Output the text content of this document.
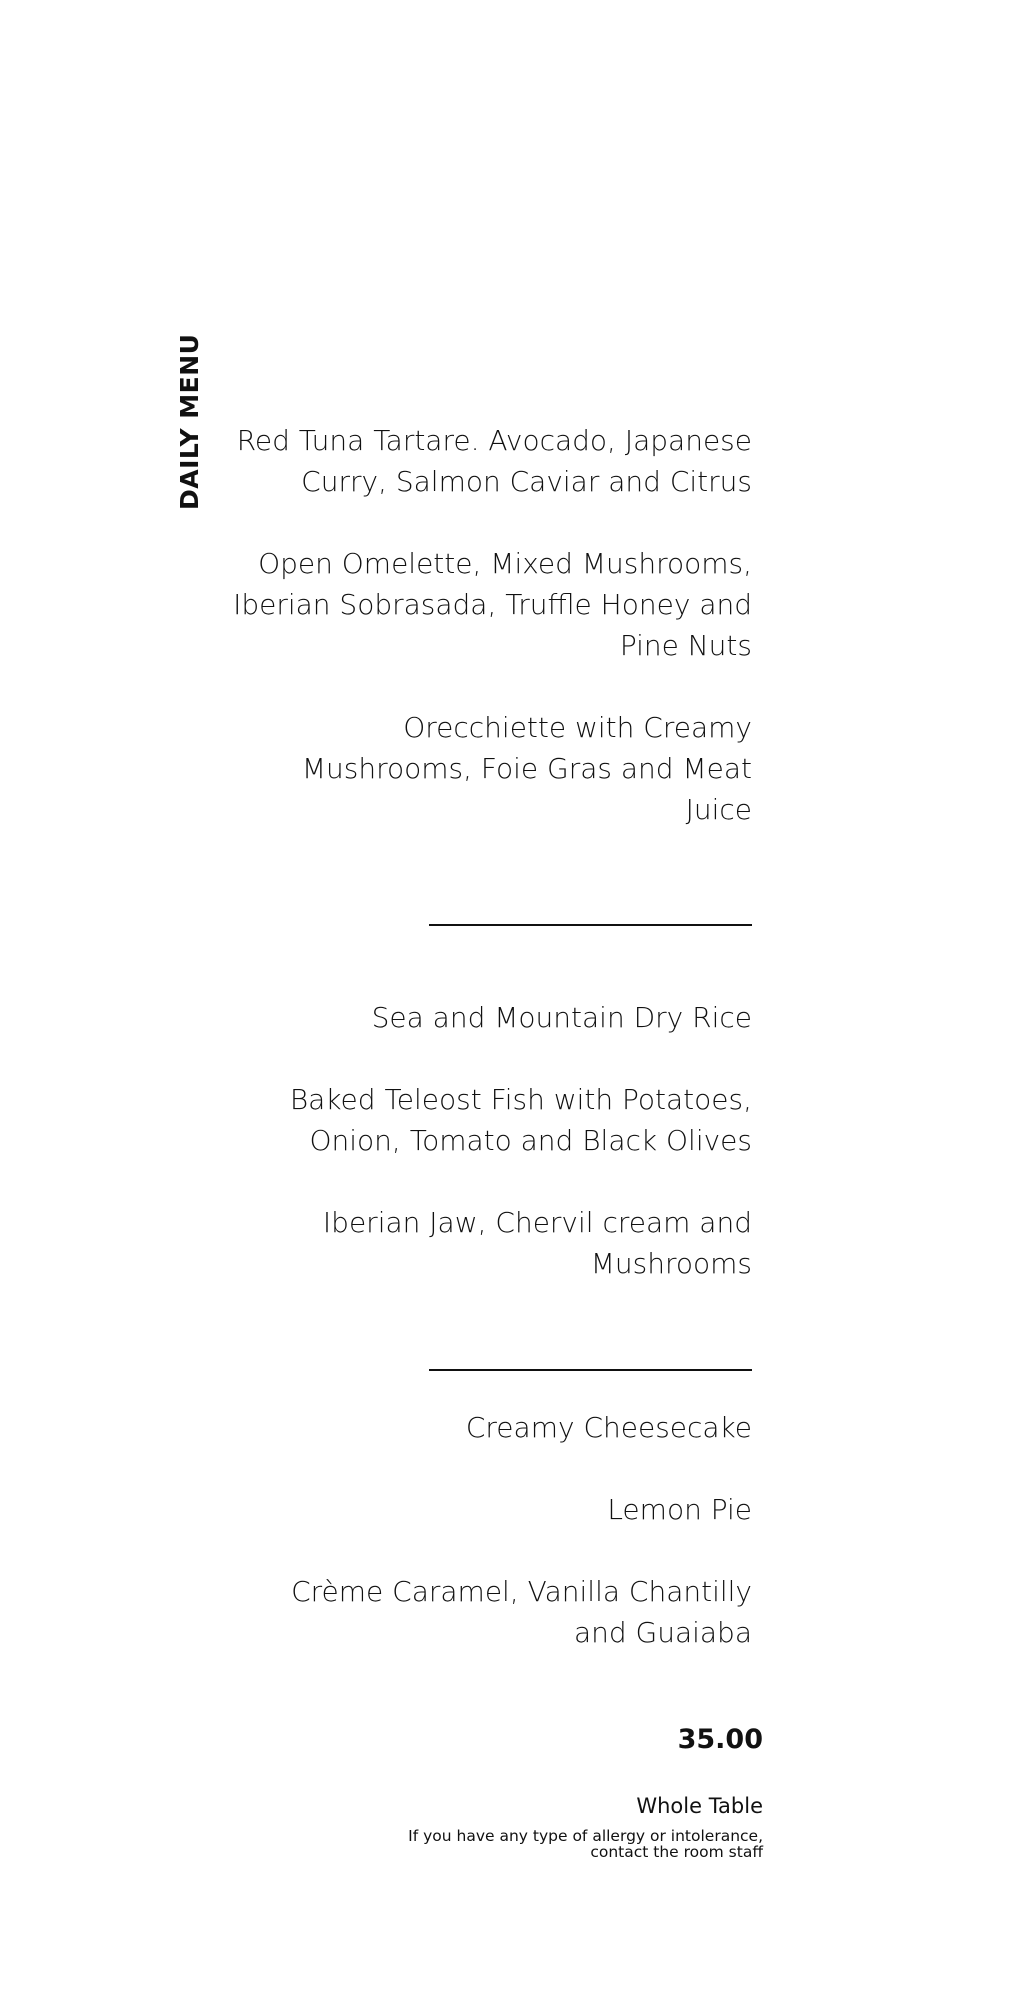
DAILY MENU Red Tuna Tartare. Avocado, Japanese Curry, Salmon Caviar and Citrus

Open Omelette, Mixed Mushrooms, Iberian Sobrasada, Truffle Honey and Pine Nuts

Orecchiette with Creamy Mushrooms, Foie Gras and Meat Juice

Sea and Mountain Dry Rice

Baked Teleost Fish with Potatoes, Onion, Tomato and Black Olives

Iberian Jaw, Chervil cream and Mushrooms

Creamy Cheesecake

Lemon Pie

Crème Caramel, Vanilla Chantilly and Guaiaba

35.00
Whole Table
If you have any type of allergy or intolerance,
contact the room staff
